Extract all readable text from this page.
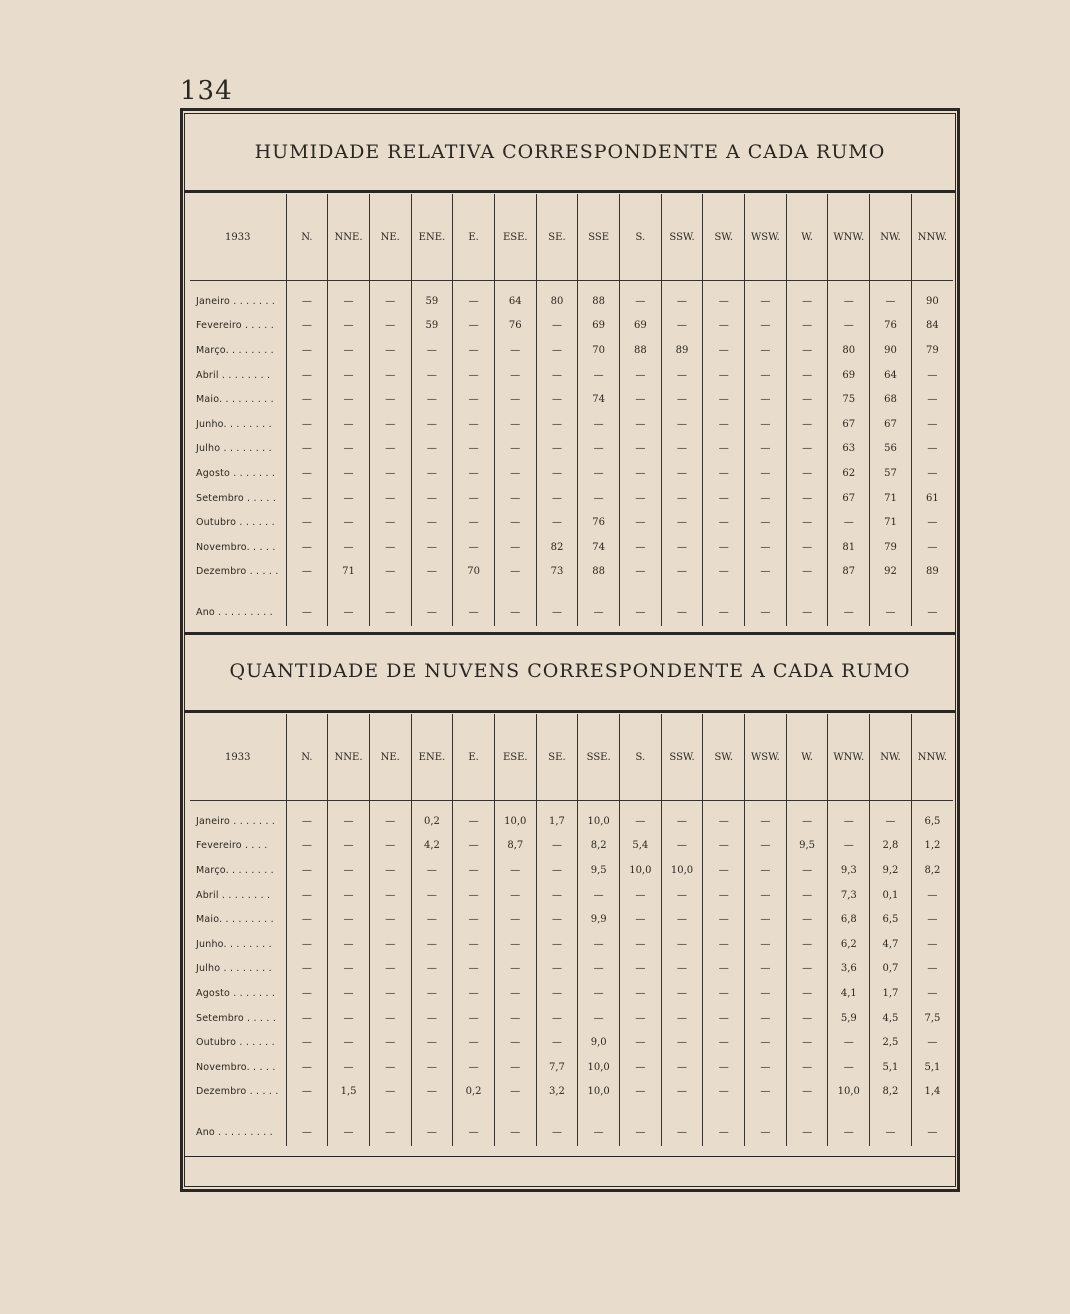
134
HUMIDADE RELATIVA CORRESPONDENTE A CADA RUMO
1933	N.	NNE.	NE.	ENE.	E.	ESE.	SE.	SSE	S.	SSW.	SW.	WSW.	W.	WNW.	NW.	NNW.
Janeiro . . . . . . .	—	—	—	59	—	64	80	88	—	—	—	—	—	—	—	90
Fevereiro . . . . .	—	—	—	59	—	76	—	69	69	—	—	—	—	—	76	84
Março. . . . . . . .	—	—	—	—	—	—	—	70	88	89	—	—	—	80	90	79
Abril . . . . . . . .	—	—	—	—	—	—	—	—	—	—	—	—	—	69	64	—
Maio. . . . . . . . .	—	—	—	—	—	—	—	74	—	—	—	—	—	75	68	—
Junho. . . . . . . .	—	—	—	—	—	—	—	—	—	—	—	—	—	67	67	—
Julho . . . . . . . .	—	—	—	—	—	—	—	—	—	—	—	—	—	63	56	—
Agosto . . . . . . .	—	—	—	—	—	—	—	—	—	—	—	—	—	62	57	—
Setembro . . . . .	—	—	—	—	—	—	—	—	—	—	—	—	—	67	71	61
Outubro . . . . . .	—	—	—	—	—	—	—	76	—	—	—	—	—	—	71	—
Novembro. . . . .	—	—	—	—	—	—	82	74	—	—	—	—	—	81	79	—
Dezembro . . . . .	—	71	—	—	70	—	73	88	—	—	—	—	—	87	92	89
Ano . . . . . . . . .	—	—	—	—	—	—	—	—	—	—	—	—	—	—	—	—
QUANTIDADE DE NUVENS CORRESPONDENTE A CADA RUMO
1933	N.	NNE.	NE.	ENE.	E.	ESE.	SE.	SSE.	S.	SSW.	SW.	WSW.	W.	WNW.	NW.	NNW.
Janeiro . . . . . . .	—	—	—	0,2	—	10,0	1,7	10,0	—	—	—	—	—	—	—	6,5
Fevereiro . . . .	—	—	—	4,2	—	8,7	—	8,2	5,4	—	—	—	9,5	—	2,8	1,2
Março. . . . . . . .	—	—	—	—	—	—	—	9,5	10,0	10,0	—	—	—	9,3	9,2	8,2
Abril . . . . . . . .	—	—	—	—	—	—	—	—	—	—	—	—	—	7,3	0,1	—
Maio. . . . . . . . .	—	—	—	—	—	—	—	9,9	—	—	—	—	—	6,8	6,5	—
Junho. . . . . . . .	—	—	—	—	—	—	—	—	—	—	—	—	—	6,2	4,7	—
Julho . . . . . . . .	—	—	—	—	—	—	—	—	—	—	—	—	—	3,6	0,7	—
Agosto . . . . . . .	—	—	—	—	—	—	—	—	—	—	—	—	—	4,1	1,7	—
Setembro . . . . .	—	—	—	—	—	—	—	—	—	—	—	—	—	5,9	4,5	7,5
Outubro . . . . . .	—	—	—	—	—	—	—	9,0	—	—	—	—	—	—	2,5	—
Novembro. . . . .	—	—	—	—	—	—	7,7	10,0	—	—	—	—	—	—	5,1	5,1
Dezembro . . . . .	—	1,5	—	—	0,2	—	3,2	10,0	—	—	—	—	—	10,0	8,2	1,4
Ano . . . . . . . . .	—	—	—	—	—	—	—	—	—	—	—	—	—	—	—	—
